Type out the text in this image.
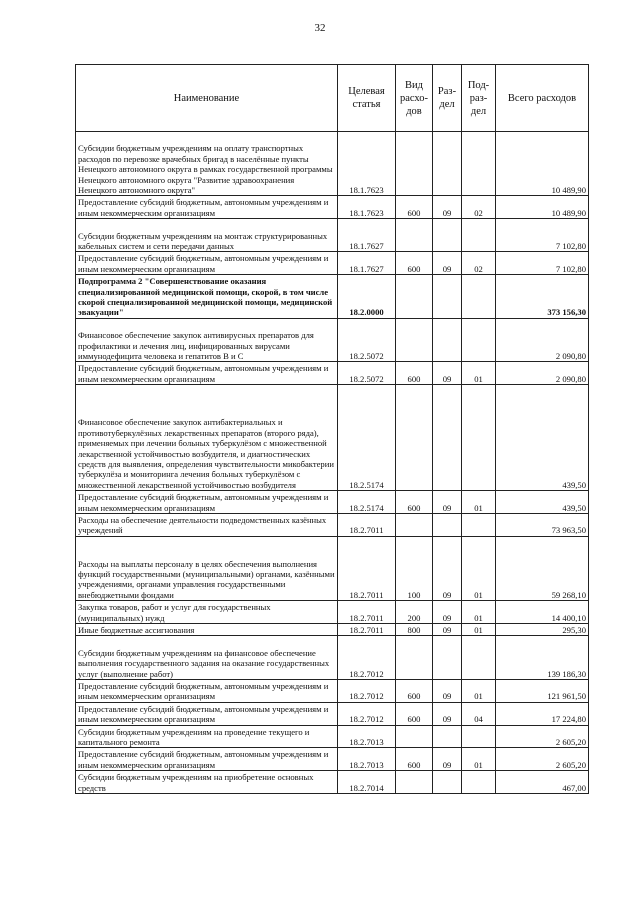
32
Наименование	Целевая статья	Вид расхо-дов	Раз-дел	Под-раз-дел	Всего расходов
Субсидии бюджетным учреждениям на оплату транспортных расходов по перевозке врачебных бригад в населённые пункты Ненецкого автономного округа в рамках государственной программы Ненецкого автономного округа "Развитие здравоохранения Ненецкого автономного округа"	18.1.7623				10 489,90
Предоставление субсидий бюджетным, автономным учреждениям и иным некоммерческим организациям	18.1.7623	600	09	02	10 489,90
Субсидии бюджетным учреждениям на монтаж структурированных кабельных систем и сети передачи данных	18.1.7627				7 102,80
Предоставление субсидий бюджетным, автономным учреждениям и иным некоммерческим организациям	18.1.7627	600	09	02	7 102,80
Подпрограмма 2 "Совершенствование оказания специализированной медицинской помощи, скорой, в том числе скорой специализированной медицинской помощи, медицинской эвакуации"	18.2.0000				373 156,30
Финансовое обеспечение закупок антивирусных препаратов для профилактики и лечения лиц, инфицированных вирусами иммунодефицита человека и гепатитов В и С	18.2.5072				2 090,80
Предоставление субсидий бюджетным, автономным учреждениям и иным некоммерческим организациям	18.2.5072	600	09	01	2 090,80
Финансовое обеспечение закупок антибактериальных и противотуберкулёзных лекарственных препаратов (второго ряда), применяемых при лечении больных туберкулёзом с множественной лекарственной устойчивостью возбудителя, и диагностических средств для выявления, определения чувствительности микобактерии туберкулёза и мониторинга лечения больных туберкулёзом с множественной лекарственной устойчивостью возбудителя	18.2.5174				439,50
Предоставление субсидий бюджетным, автономным учреждениям и иным некоммерческим организациям	18.2.5174	600	09	01	439,50
Расходы на обеспечение деятельности подведомственных казённых учреждений	18.2.7011				73 963,50
Расходы на выплаты персоналу в целях обеспечения выполнения функций государственными (муниципальными) органами, казёнными учреждениями, органами управления государственными внебюджетными фондами	18.2.7011	100	09	01	59 268,10
Закупка товаров, работ и услуг для государственных (муниципальных) нужд	18.2.7011	200	09	01	14 400,10
Иные бюджетные ассигнования	18.2.7011	800	09	01	295,30
Субсидии бюджетным учреждениям на финансовое обеспечение выполнения государственного задания на оказание государственных услуг (выполнение работ)	18.2.7012				139 186,30
Предоставление субсидий бюджетным, автономным учреждениям и иным некоммерческим организациям	18.2.7012	600	09	01	121 961,50
Предоставление субсидий бюджетным, автономным учреждениям и иным некоммерческим организациям	18.2.7012	600	09	04	17 224,80
Субсидии бюджетным учреждениям на проведение текущего и капитального ремонта	18.2.7013				2 605,20
Предоставление субсидий бюджетным, автономным учреждениям и иным некоммерческим организациям	18.2.7013	600	09	01	2 605,20
Субсидии бюджетным учреждениям на приобретение основных средств	18.2.7014				467,00
